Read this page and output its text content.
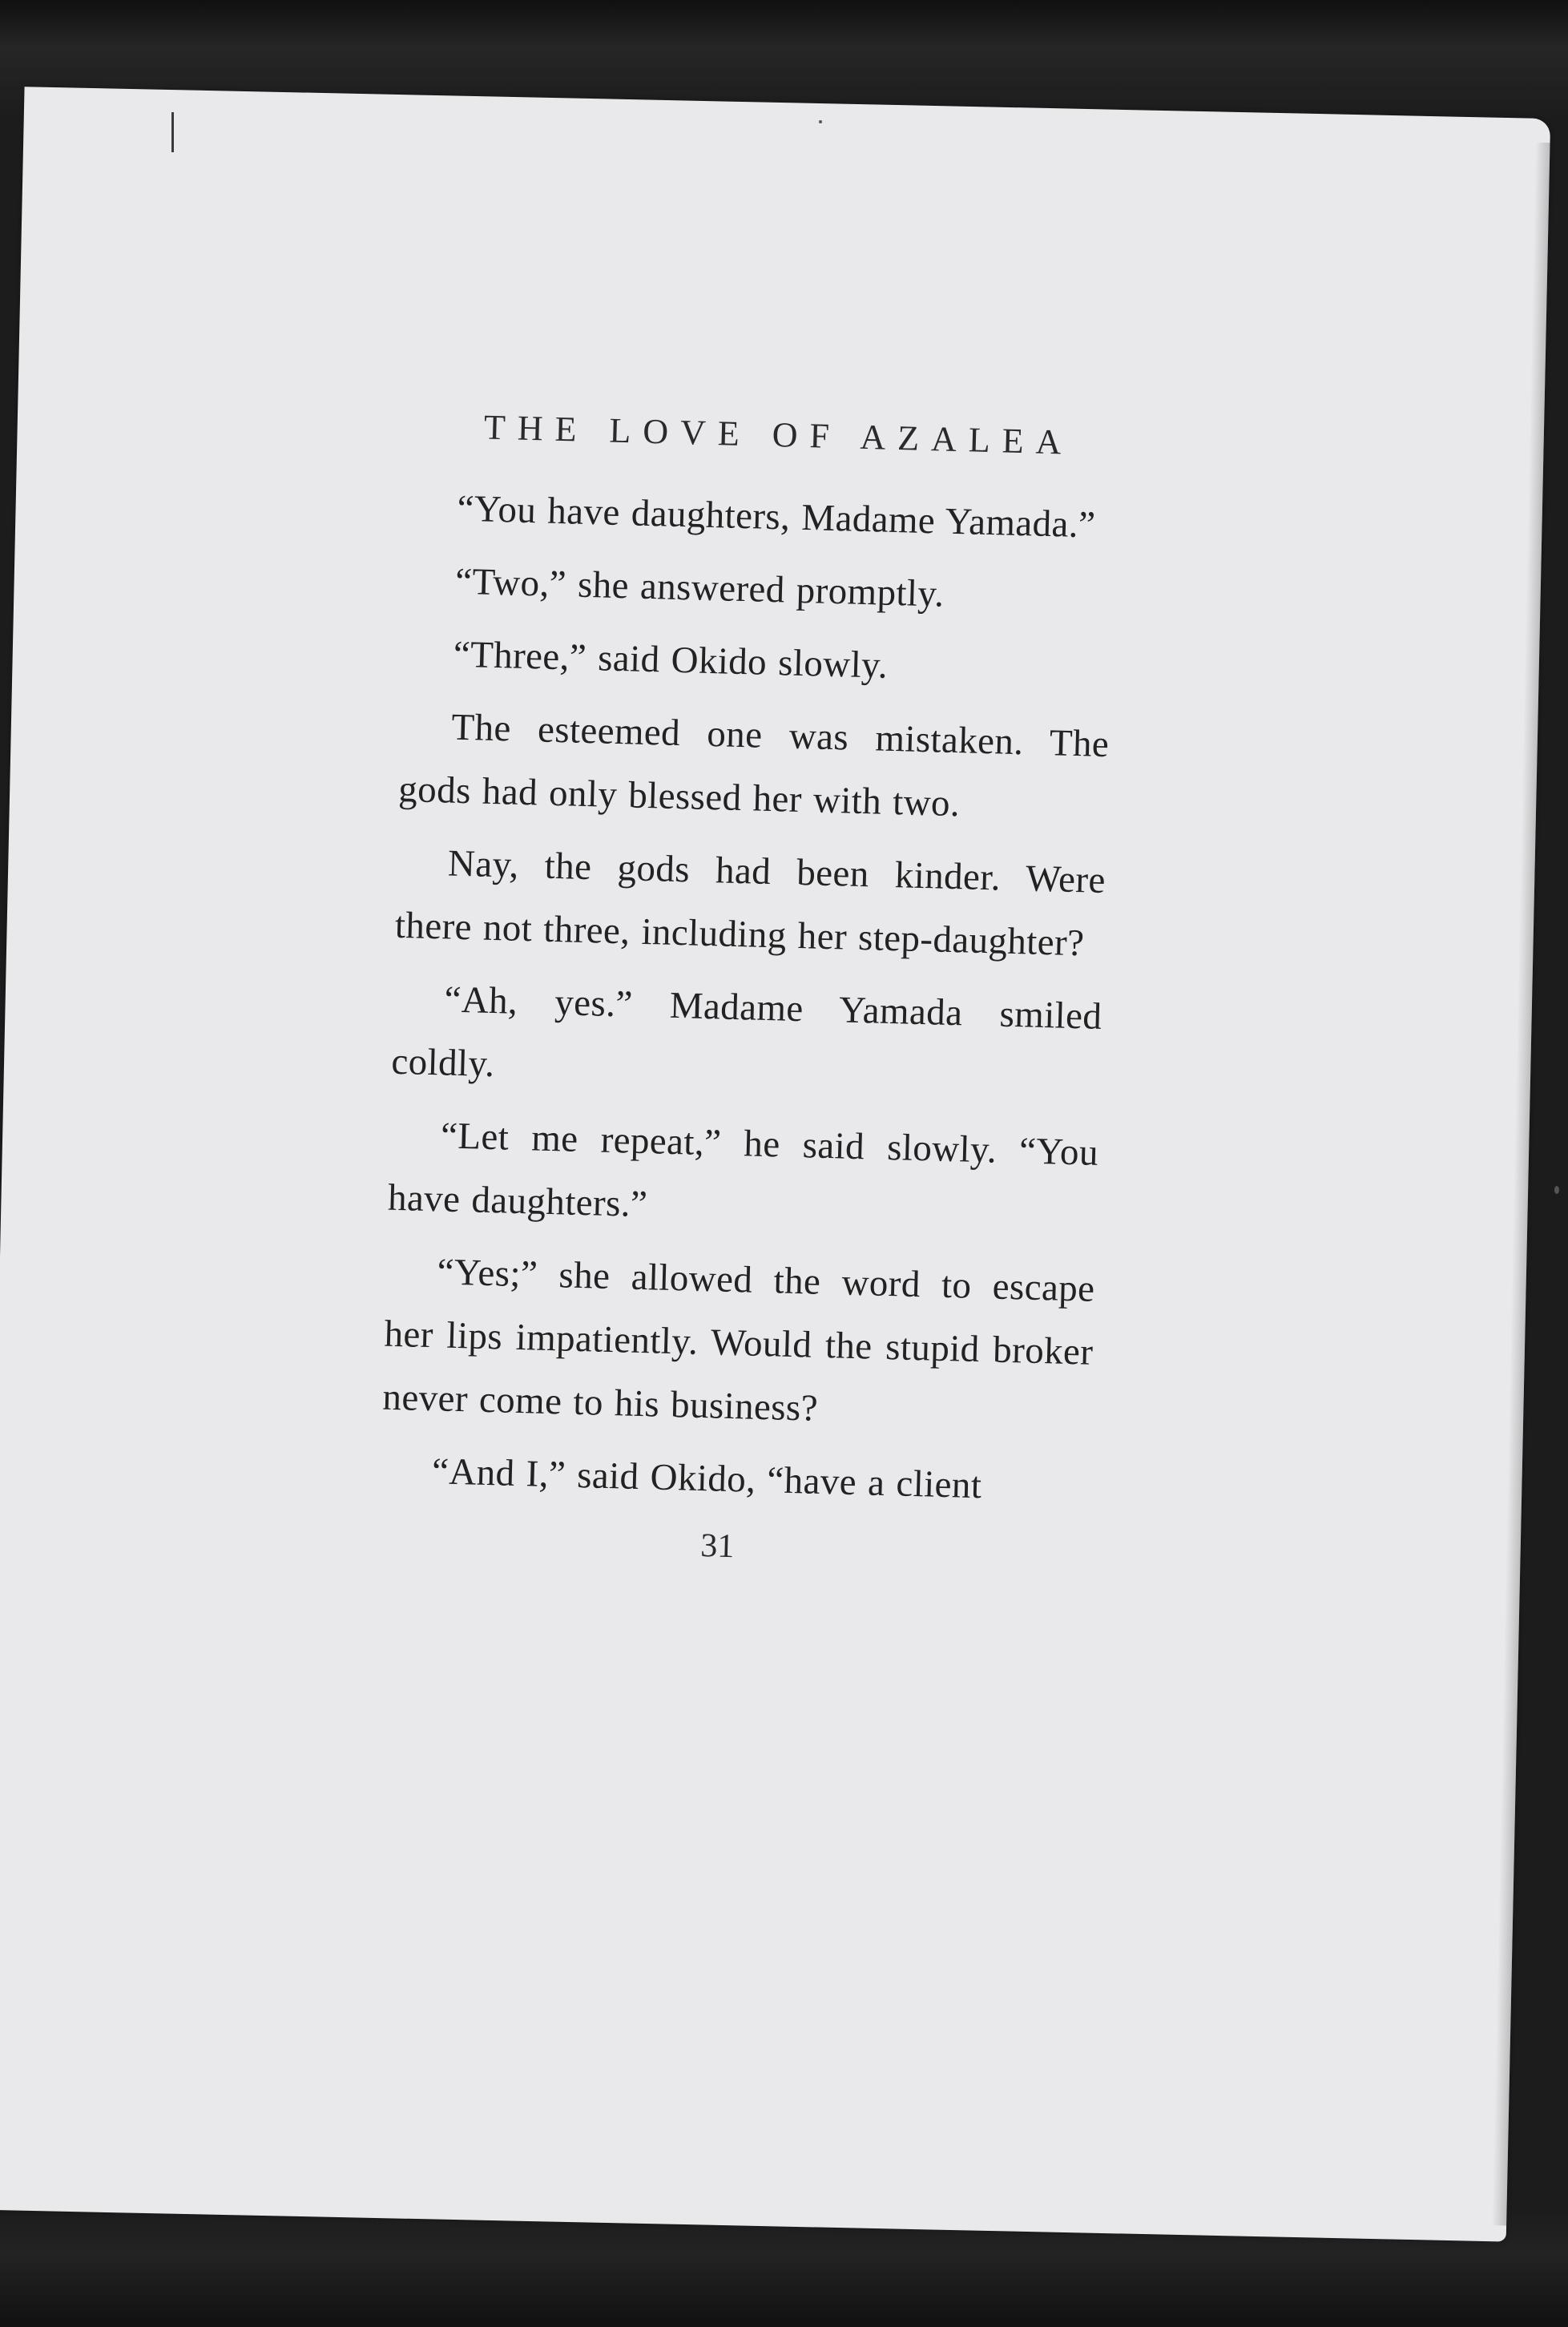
THE LOVE OF AZALEA

“You have daughters, Madame Yamada.”

“Two,” she answered promptly.

“Three,” said Okido slowly.

The esteemed one was mistaken. The gods had only blessed her with two.

Nay, the gods had been kinder. Were there not three, including her step-daughter?

“Ah, yes.” Madame Yamada smiled coldly.

“Let me repeat,” he said slowly. “You have daughters.”

“Yes;” she allowed the word to escape her lips impatiently. Would the stupid broker never come to his business?

“And I,” said Okido, “have a client

31
